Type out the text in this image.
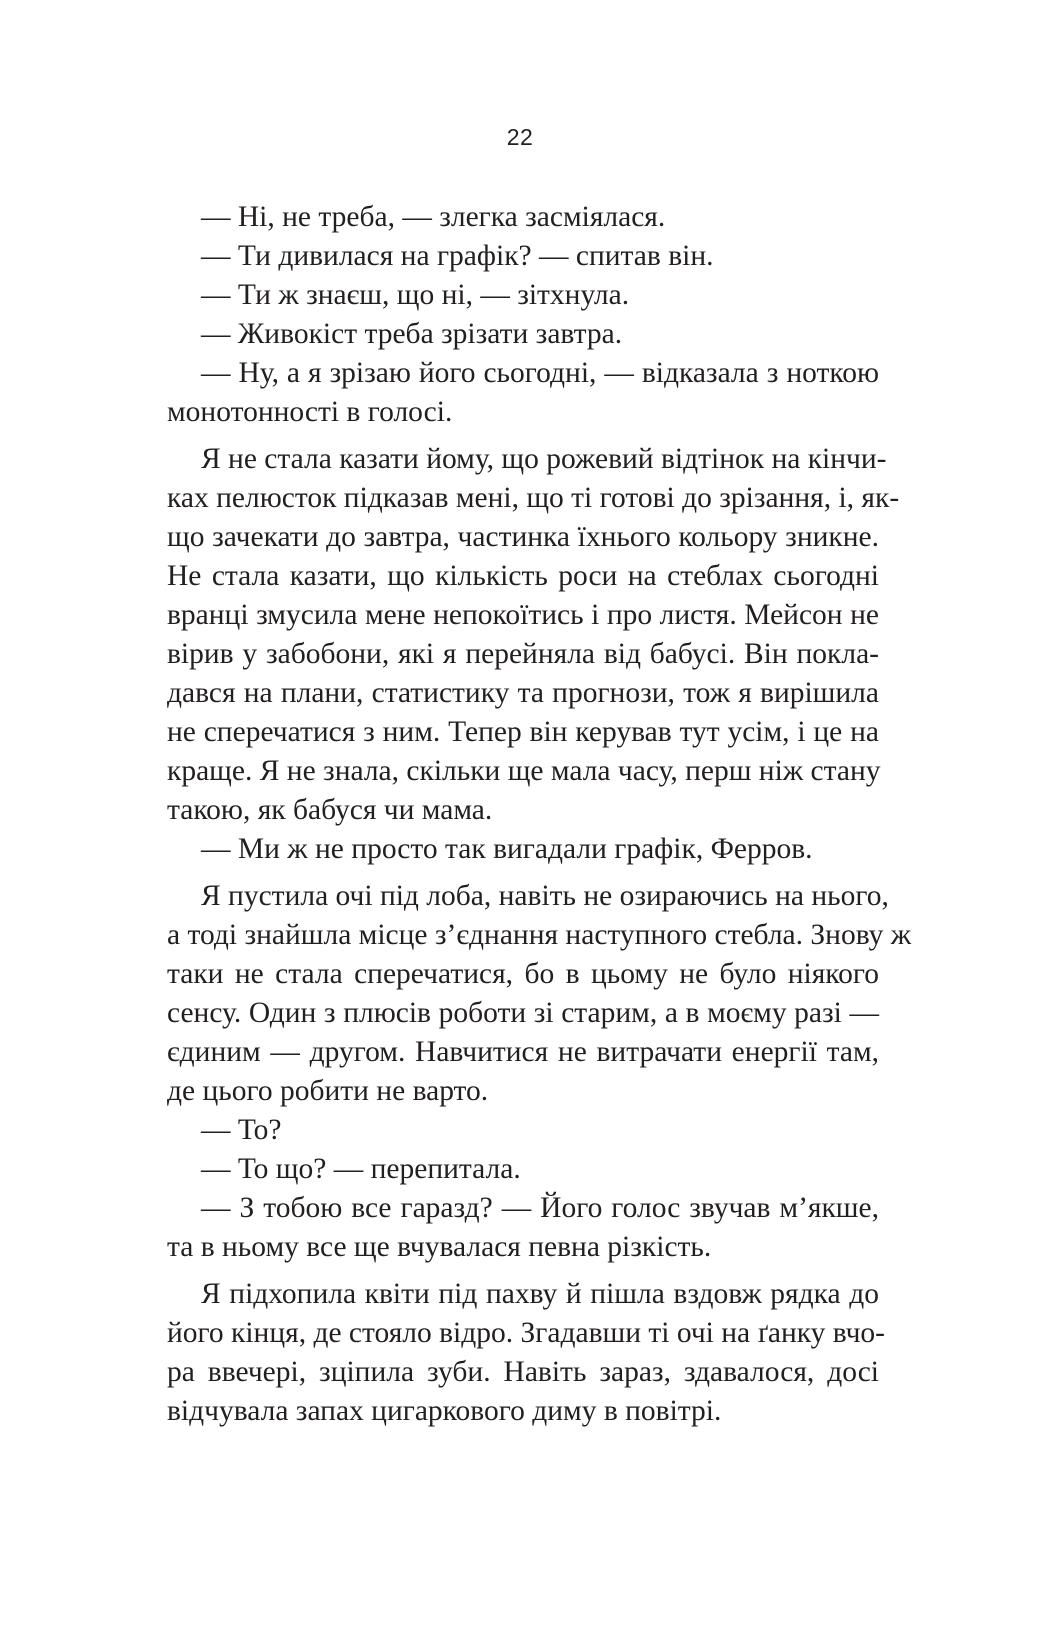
22
— Ні, не треба, — злегка засміялася.
— Ти дивилася на графік? — спитав він.
— Ти ж знаєш, що ні, — зітхнула.
— Живокіст треба зрізати завтра.
— Ну, а я зрізаю його сьогодні, — відказала з ноткою
монотонності в голосі.
Я не стала казати йому, що рожевий відтінок на кінчи-
ках пелюсток підказав мені, що ті готові до зрізання, і, як-
що зачекати до завтра, частинка їхнього кольору зникне.
Не стала казати, що кількість роси на стеблах сьогодні
вранці змусила мене непокоїтись і про листя. Мейсон не
вірив у забобони, які я перейняла від бабусі. Він покла-
дався на плани, статистику та прогнози, тож я вирішила
не сперечатися з ним. Тепер він керував тут усім, і це на
краще. Я не знала, скільки ще мала часу, перш ніж стану
такою, як бабуся чи мама.
— Ми ж не просто так вигадали графік, Ферров.
Я пустила очі під лоба, навіть не озираючись на нього,
а тоді знайшла місце з’єднання наступного стебла. Знову ж
таки не стала сперечатися, бо в цьому не було ніякого
сенсу. Один з плюсів роботи зі старим, а в моєму разі —
єдиним — другом. Навчитися не витрачати енергії там,
де цього робити не варто.
— То?
— То що? — перепитала.
— З тобою все гаразд? — Його голос звучав м’якше,
та в ньому все ще вчувалася певна різкість.
Я підхопила квіти під пахву й пішла вздовж рядка до
його кінця, де стояло відро. Згадавши ті очі на ґанку вчо-
ра ввечері, зціпила зуби. Навіть зараз, здавалося, досі
відчувала запах цигаркового диму в повітрі.
